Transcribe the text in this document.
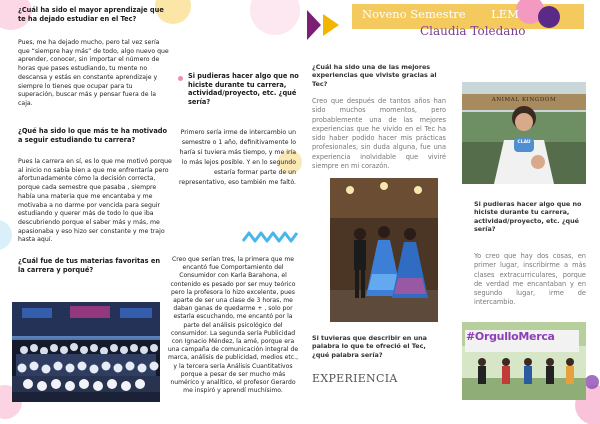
Noveno Semestre       LEM
Claudia Toledano
¿Cuál ha sido el mayor aprendizaje que te ha dejado estudiar en el Tec?
Pues, me ha dejado mucho, pero tal vez sería que “siempre hay más” de todo, algo nuevo que aprender, conocer, sin importar el número de horas que pases estudiando, tu mente no descansa y estás en constante aprendizaje y siempre lo tienes que ocupar para tu superación, buscar más y pensar fuera de la caja.
¿Qué ha sido lo que más te ha motivado a seguir estudiando tu carrera?
Pues la carrera en sí, es lo que me motivó porque al inicio no sabía bien a que me enfrentaría pero afortunadamente cómo la decisión correcta, porque cada semestre que pasaba , siempre había una materia que me encantaba y me motivaba a no darme por vencida para seguir estudiando y querer más de todo lo que iba descubriendo porque el saber más y más, me apasionaba y eso hizo ser constante y me trajo hasta aquí.
¿Cuál fue de tus materias favoritas en la carrera y porqué?
Si pudieras hacer algo que no hiciste durante tu carrera, actividad/proyecto, etc. ¿qué sería?
Primero sería irme de intercambio un semestre o 1 año, definitivamente lo haría si tuviera más tiempo, y me iría lo más lejos posible. Y en lo segundo estaría formar parte de un representativo, eso también me faltó.
Creo que serían tres, la primera que me encantó fue Comportamiento del Consumidor con Karla Barahona, el contenido es pesado por ser muy teórico pero la profesora lo hizo excelente, pues aparte de ser una clase de 3 horas, me daban ganas de quedarme + , solo por estarla escuchando, me encantó por la parte del análisis psicológico del consumidor. La segunda sería Publicidad con Ignacio Méndez, la amé, porque era una campaña de comunicación integral de marca, análisis de publicidad, medios etc., y la tercera sería Análisis Cuantitativos porque a pesar de ser mucho más numérico y analítico, el profesor Gerardo me inspiró y aprendí muchísimo.
¿Cuál ha sido una de las mejores experiencias que viviste gracias al Tec?
Creo que después de tantos años han sido muchos momentos, pero probablemente una de las mejores experiencias que he vivido en el Tec ha sido haber podido hacer mis prácticas profesionales, sin duda alguna, fue una experiencia inolvidable que viviré siempre en mi corazón.
Si tuvieras que describir en una palabra lo que te ofreció el Tec, ¿qué palabra sería?
EXPERIENCIA
ANIMAL KINGDOM
CLAU
Si pudieras hacer algo que no hiciste durante tu carrera, actividad/proyecto, etc. ¿qué sería?
Yo creo que hay dos cosas, en primer lugar, inscribirme a más clases extracurriculares, porque de verdad me encantaban y en segundo lugar, irme de intercambio.
#OrgulloMerca
